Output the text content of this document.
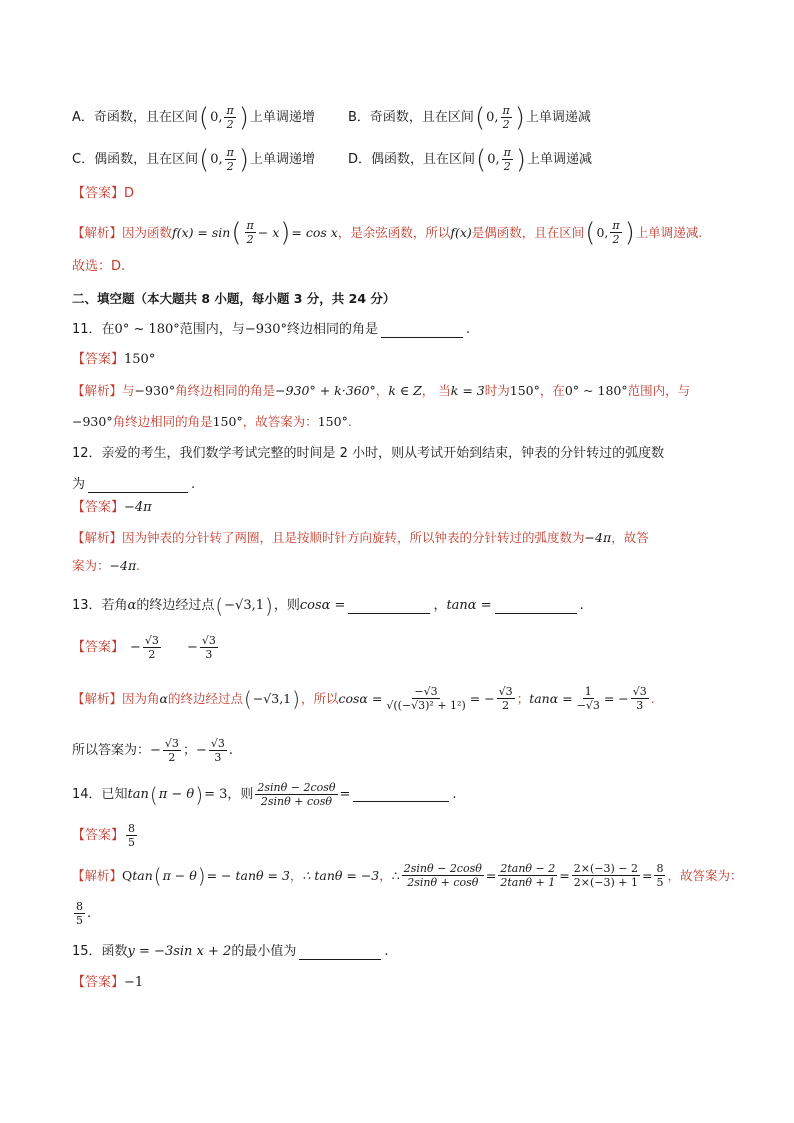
A． 奇函数，且在区间 ( 0, $\frac{\pi}{2}$ ) 上单调递增	B． 奇函数，且在区间 ( 0, $\frac{\pi}{2}$ ) 上单调递减
C． 偶函数，且在区间 ( 0, $\frac{\pi}{2}$ ) 上单调递增	D． 偶函数，且在区间 ( 0, $\frac{\pi}{2}$ ) 上单调递减
【答案】 D
【解析】 因为函数 f(x) = sin ( $\frac{\pi}{2} - x$ ) = cos x ，是余弦函数，所以 f(x) 是偶函数，且在区间 ( 0, $\frac{\pi}{2}$ ) 上单调递减.
故选：D.
二、填空题（本大题共 8 小题，每小题 3 分，共 24 分）
11．在 0° ~ 180° 范围内，与 −930° 终边相同的角是	.
【答案】 150°
【解析】 与 −930° 角终边相同的角是 −930° + k·360° ， k ∈ Z ， 当 k = 3 时为 150° ，在 0° ~ 180° 范围内，与
−930° 角终边相同的角是 150° ，故答案为： 150° .
12．亲爱的考生，我们数学考试完整的时间是 2 小时，则从考试开始到结束，钟表的分针转过的弧度数
为	.
【答案】 −4π
【解析】 因为钟表的分针转了两圈，且是按顺时针方向旋转，所以钟表的分针转过的弧度数为 −4π ，故答
案为： −4π .
13．若角 α 的终边经过点 ( −√3,1 ) ，则 cosα =	， tanα =	.
【答案】 − $\frac{√3}{2} - \frac{√3}{3}$
【解析】 因为角 α 的终边经过点 ( −√3,1 ) ，所以 $\cos\alpha = \frac{-√3}{\text{√((−√3)² + 1²)}}$ = − $\frac{√3}{2}$ ； $\tan\alpha = \frac{1}{-√3}$ = − $\frac{√3}{3}$ .
所以答案为： − $\frac{√3}{2}$ ； − $\frac{√3}{3}$ .
14．已知 tan ( π − θ ) = 3 ，则 $\frac{2\sin\theta - 2\cos\theta}{2\sin\theta + \cos\theta}$ =	.
【答案】 $\frac{8}{5}$
【解析】 Q tan ( π − θ ) = − tanθ = 3 ， ∴ tanθ = −3 ， ∴ $\frac{2\sin\theta - 2\cos\theta}{2\sin\theta + \cos\theta} = \frac{2\tan\theta - 2}{2\tan\theta + 1} = \frac{2\times(-3) - 2}{2\times(-3) + 1} = \frac{8}{5}$ ，故答案为：
$\frac{8}{5}$ .
15．函数 y = −3sin x + 2 的最小值为	.
【答案】 −1
